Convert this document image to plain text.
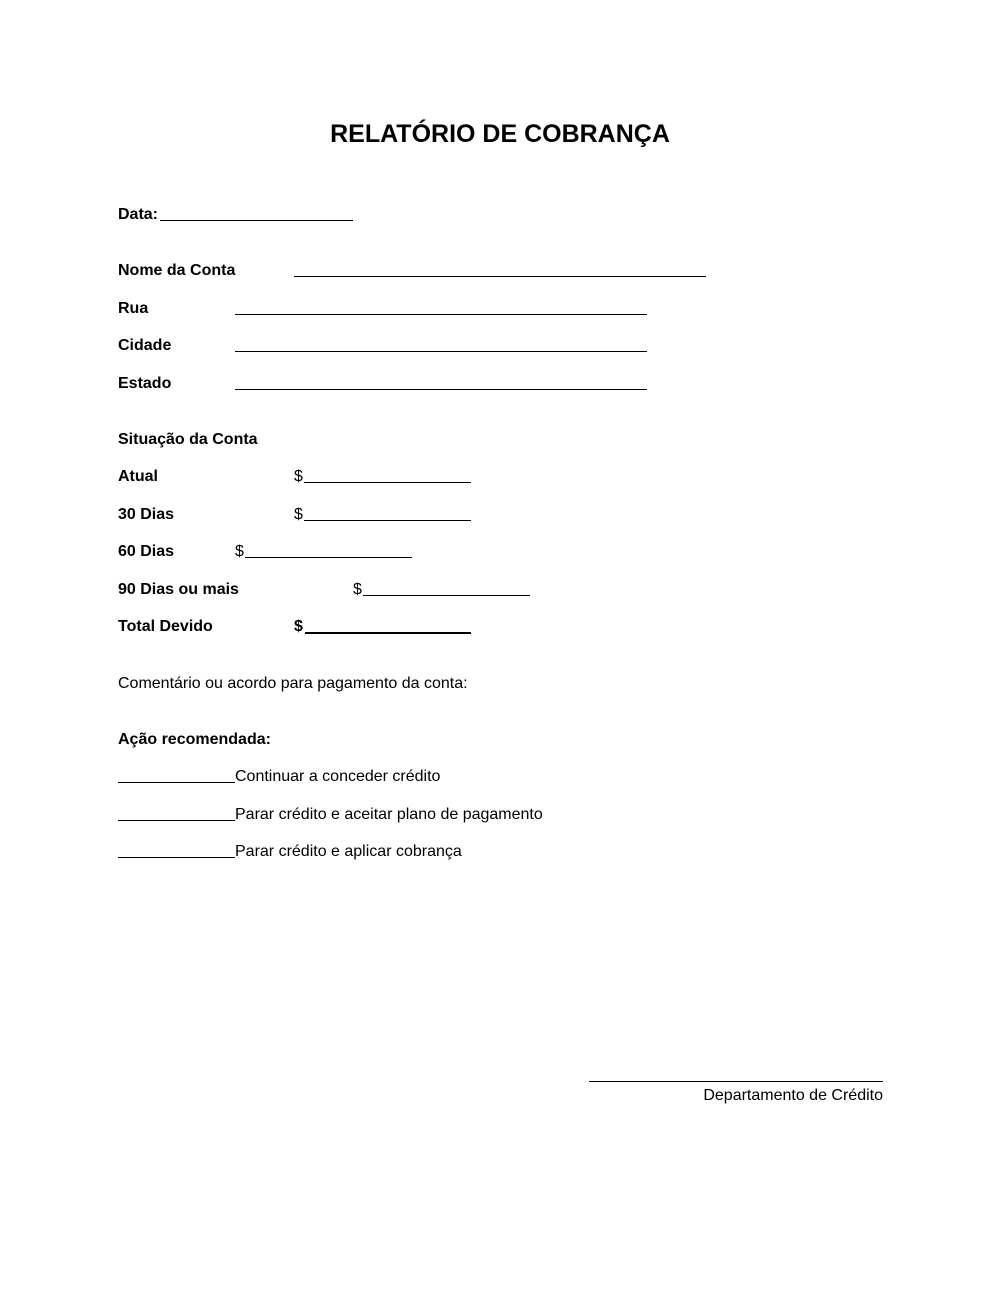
RELATÓRIO DE COBRANÇA
Data:
Nome da Conta
Rua
Cidade
Estado
Situação da Conta
Atual	$
30 Dias	$
60 Dias	$
90 Dias ou mais	$
Total Devido	$
Comentário ou acordo para pagamento da conta:
Ação recomendada:
Continuar a conceder crédito
Parar crédito e aceitar plano de pagamento
Parar crédito e aplicar cobrança
Departamento de Crédito
